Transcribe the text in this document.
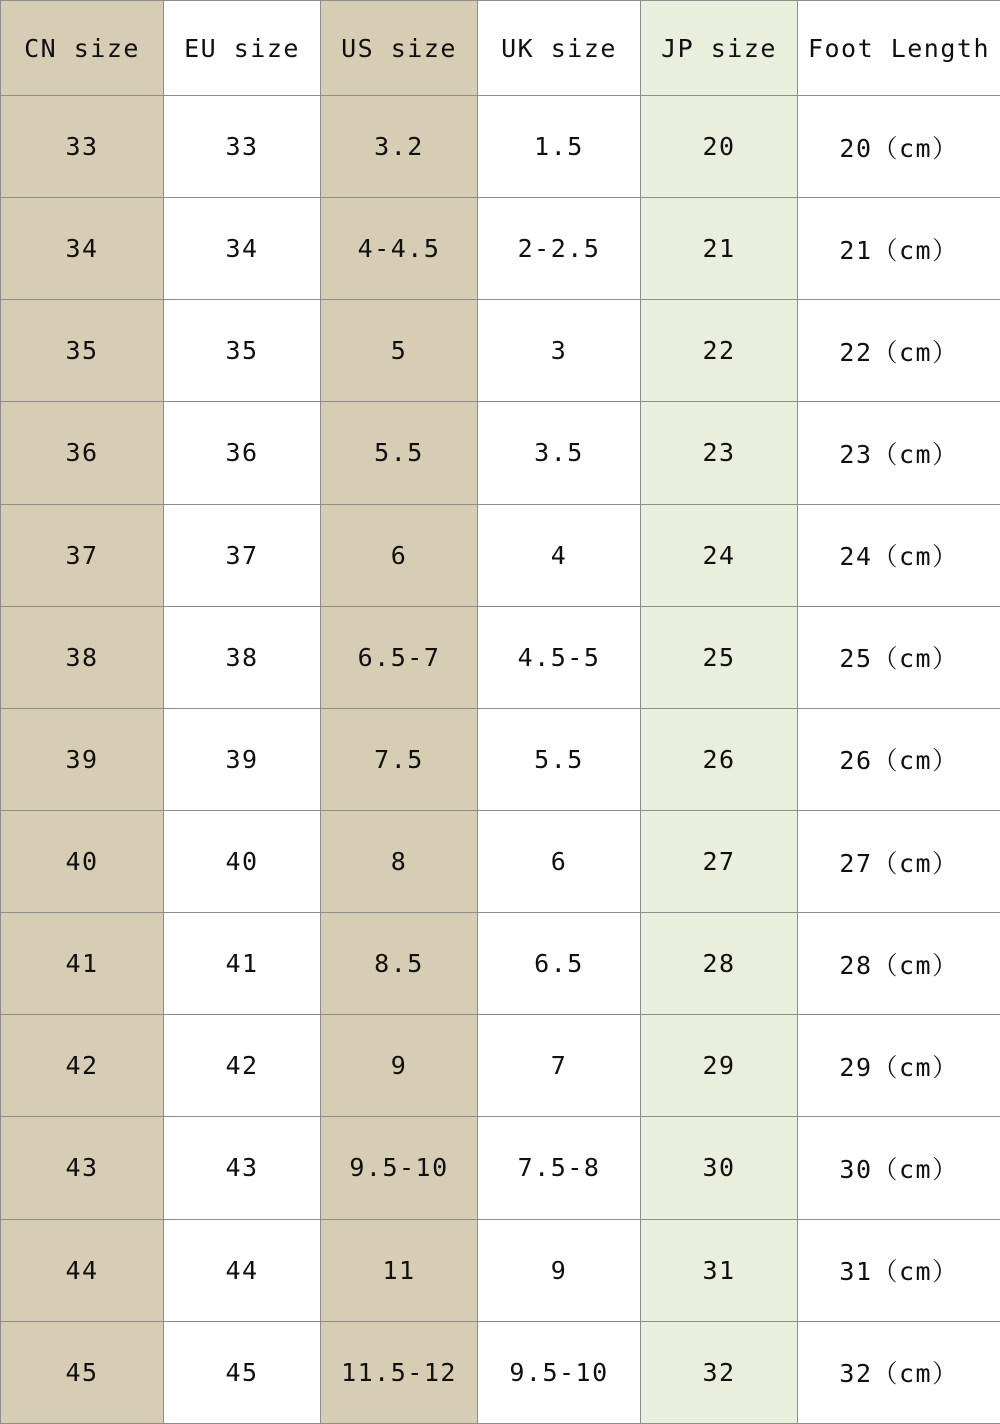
CN size	EU size	US size	UK size	JP size	Foot Length
33	33	3.2	1.5	20	20（cm）
34	34	4-4.5	2-2.5	21	21（cm）
35	35	5	3	22	22（cm）
36	36	5.5	3.5	23	23（cm）
37	37	6	4	24	24（cm）
38	38	6.5-7	4.5-5	25	25（cm）
39	39	7.5	5.5	26	26（cm）
40	40	8	6	27	27（cm）
41	41	8.5	6.5	28	28（cm）
42	42	9	7	29	29（cm）
43	43	9.5-10	7.5-8	30	30（cm）
44	44	11	9	31	31（cm）
45	45	11.5-12	9.5-10	32	32（cm）
